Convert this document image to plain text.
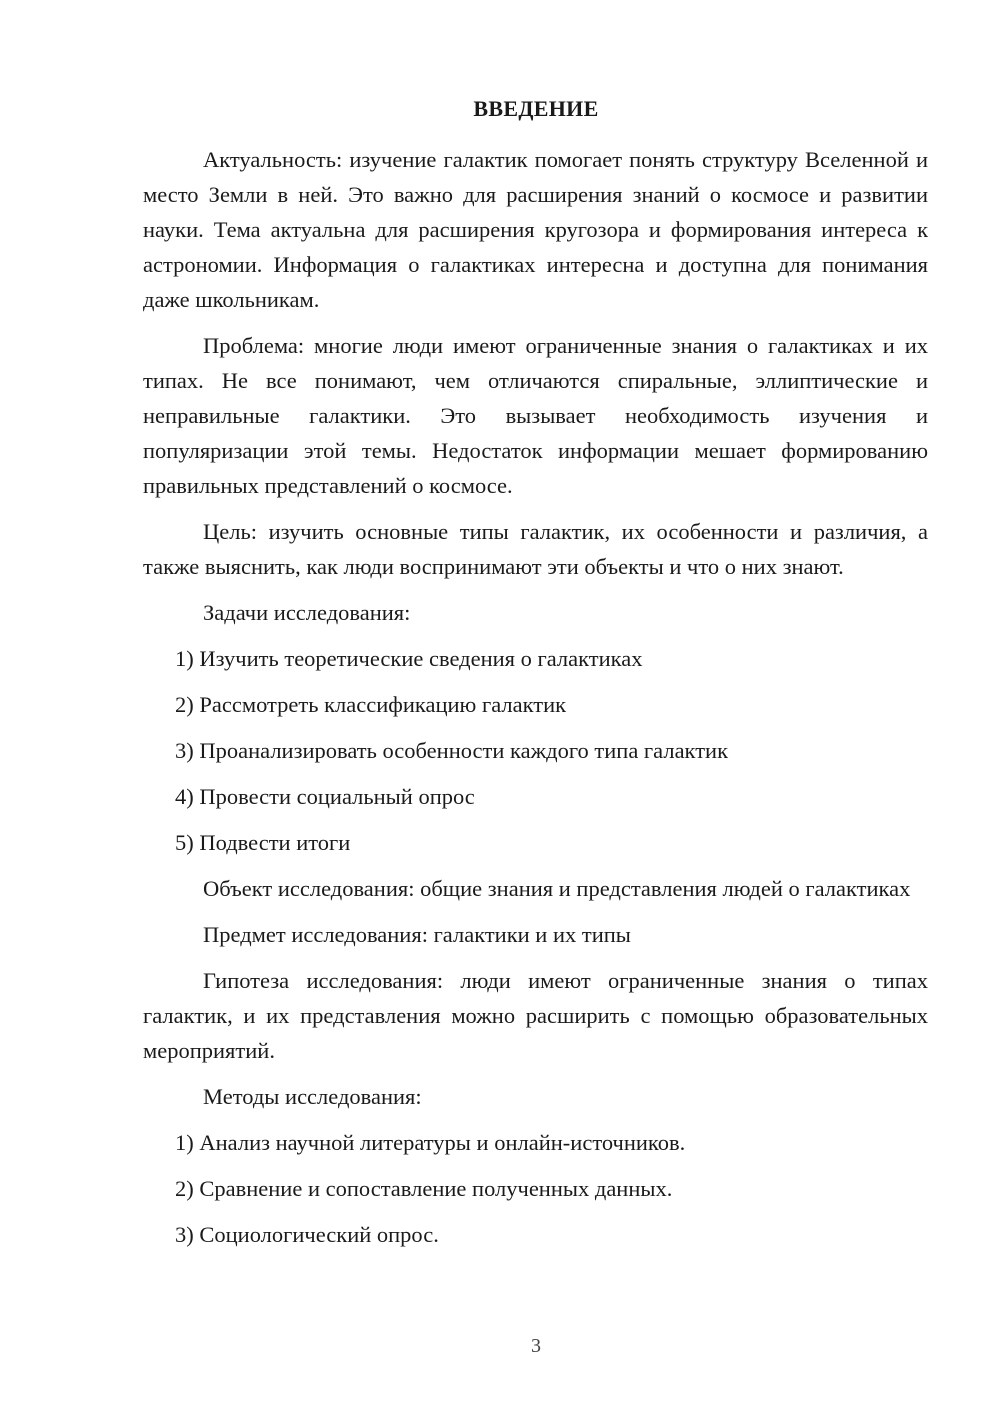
ВВЕДЕНИЕ

Актуальность: изучение галактик помогает понять структуру Вселенной и место Земли в ней. Это важно для расширения знаний о космосе и развитии науки. Тема актуальна для расширения кругозора и формирования интереса к астрономии. Информация о галактиках интересна и доступна для понимания даже школьникам.

Проблема: многие люди имеют ограниченные знания о галактиках и их типах. Не все понимают, чем отличаются спиральные, эллиптические и неправильные галактики. Это вызывает необходимость изучения и популяризации этой темы. Недостаток информации мешает формированию правильных представлений о космосе.

Цель: изучить основные типы галактик, их особенности и различия, а также выяснить, как люди воспринимают эти объекты и что о них знают.

Задачи исследования:

1) Изучить теоретические сведения о галактиках

2) Рассмотреть классификацию галактик

3) Проанализировать особенности каждого типа галактик

4) Провести социальный опрос

5) Подвести итоги

Объект исследования: общие знания и представления людей о галактиках

Предмет исследования: галактики и их типы

Гипотеза исследования: люди имеют ограниченные знания о типах галактик, и их представления можно расширить с помощью образовательных мероприятий.

Методы исследования:

1) Анализ научной литературы и онлайн-источников.

2) Сравнение и сопоставление полученных данных.

3) Социологический опрос.

3
